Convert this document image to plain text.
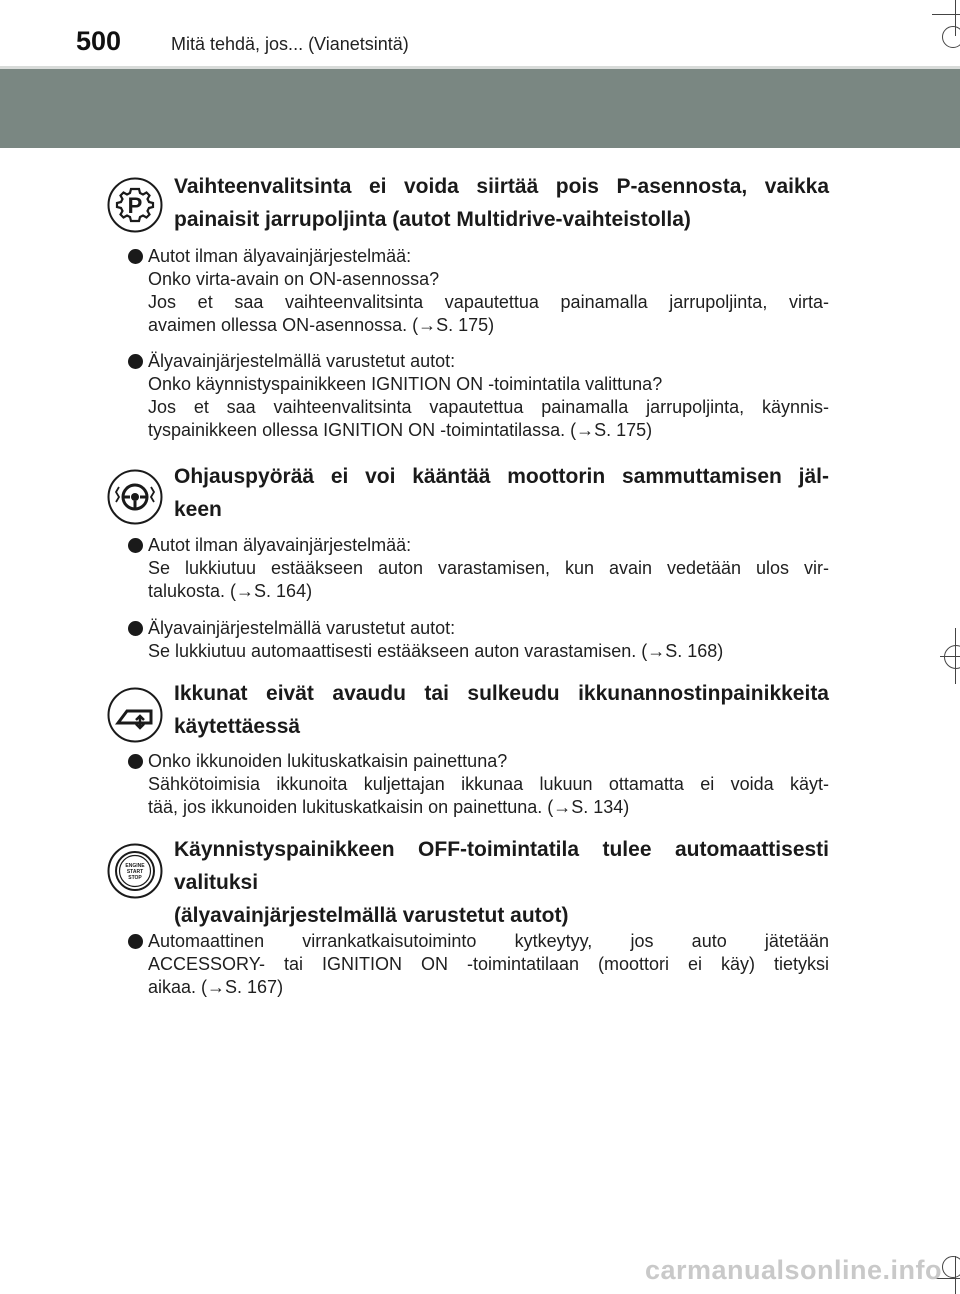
500	Mitä tehdä, jos... (Vianetsintä)
P
Vaihteenvalitsinta ei voida siirtää pois P-asennosta, vaikka
painaisit jarrupoljinta (autot Multidrive-vaihteistolla)
Autot ilman älyavainjärjestelmää:
Onko virta-avain on ON-asennossa?
Jos et saa vaihteenvalitsinta vapautettua painamalla jarrupoljinta, virta-
avaimen ollessa ON-asennossa. (→S. 175)
Älyavainjärjestelmällä varustetut autot:
Onko käynnistyspainikkeen IGNITION ON -toimintatila valittuna?
Jos et saa vaihteenvalitsinta vapautettua painamalla jarrupoljinta, käynnis-
tyspainikkeen ollessa IGNITION ON -toimintatilassa. (→S. 175)
Ohjauspyörää ei voi kääntää moottorin sammuttamisen jäl-
keen
Autot ilman älyavainjärjestelmää:
Se lukkiutuu estääkseen auton varastamisen, kun avain vedetään ulos vir-
talukosta. (→S. 164)
Älyavainjärjestelmällä varustetut autot:
Se lukkiutuu automaattisesti estääkseen auton varastamisen. (→S. 168)
Ikkunat eivät avaudu tai sulkeudu ikkunannostinpainikkeita
käytettäessä
Onko ikkunoiden lukituskatkaisin painettuna?
Sähkötoimisia ikkunoita kuljettajan ikkunaa lukuun ottamatta ei voida käyt-
tää, jos ikkunoiden lukituskatkaisin on painettuna. (→S. 134)
ENGINE
START
STOP
Käynnistyspainikkeen OFF-toimintatila tulee automaattisesti
valituksi
(älyavainjärjestelmällä varustetut autot)
Automaattinen virrankatkaisutoiminto kytkeytyy, jos auto jätetään
ACCESSORY- tai IGNITION ON -toimintatilaan (moottori ei käy) tietyksi
aikaa. (→S. 167)
carmanualsonline.info
